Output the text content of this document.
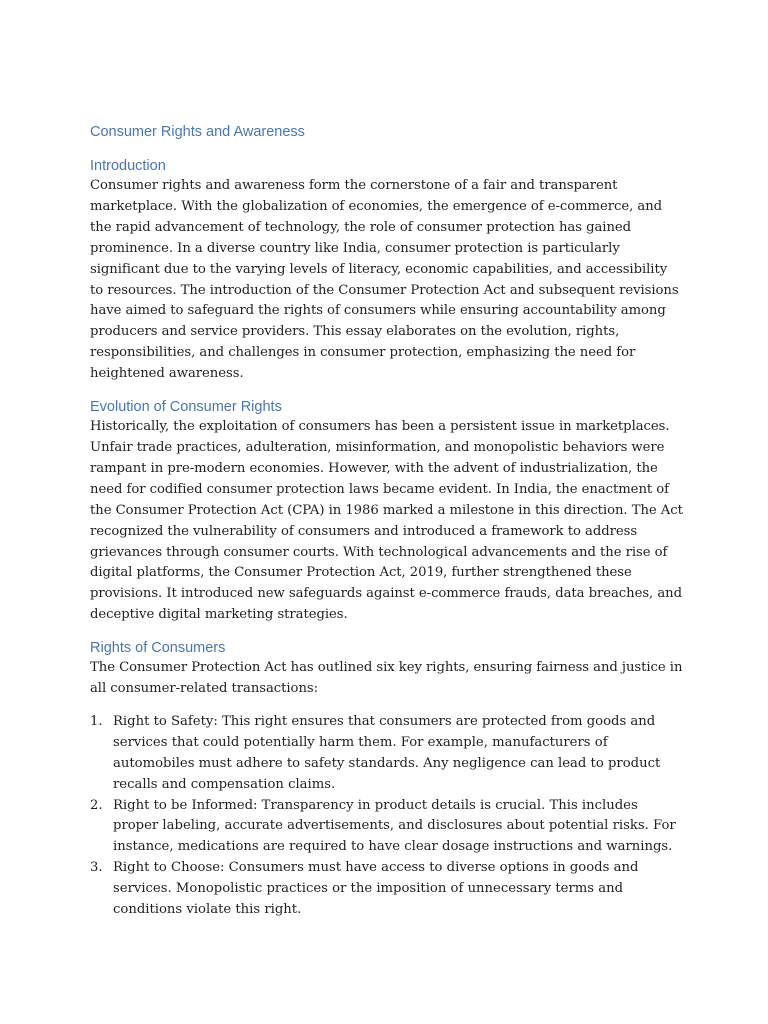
Consumer Rights and Awareness
Introduction

Consumer rights and awareness form the cornerstone of a fair and transparent marketplace. With the globalization of economies, the emergence of e-commerce, and the rapid advancement of technology, the role of consumer protection has gained prominence. In a diverse country like India, consumer protection is particularly significant due to the varying levels of literacy, economic capabilities, and accessibility to resources. The introduction of the Consumer Protection Act and subsequent revisions have aimed to safeguard the rights of consumers while ensuring accountability among producers and service providers. This essay elaborates on the evolution, rights, responsibilities, and challenges in consumer protection, emphasizing the need for heightened awareness.

Evolution of Consumer Rights

Historically, the exploitation of consumers has been a persistent issue in marketplaces. Unfair trade practices, adulteration, misinformation, and monopolistic behaviors were rampant in pre-modern economies. However, with the advent of industrialization, the need for codified consumer protection laws became evident. In India, the enactment of the Consumer Protection Act (CPA) in 1986 marked a milestone in this direction. The Act recognized the vulnerability of consumers and introduced a framework to address grievances through consumer courts. With technological advancements and the rise of digital platforms, the Consumer Protection Act, 2019, further strengthened these provisions. It introduced new safeguards against e-commerce frauds, data breaches, and deceptive digital marketing strategies.

Rights of Consumers

The Consumer Protection Act has outlined six key rights, ensuring fairness and justice in all consumer-related transactions:

1. Right to Safety: This right ensures that consumers are protected from goods and services that could potentially harm them. For example, manufacturers of automobiles must adhere to safety standards. Any negligence can lead to product recalls and compensation claims.
2. Right to be Informed: Transparency in product details is crucial. This includes proper labeling, accurate advertisements, and disclosures about potential risks. For instance, medications are required to have clear dosage instructions and warnings.
3. Right to Choose: Consumers must have access to diverse options in goods and services. Monopolistic practices or the imposition of unnecessary terms and conditions violate this right.
